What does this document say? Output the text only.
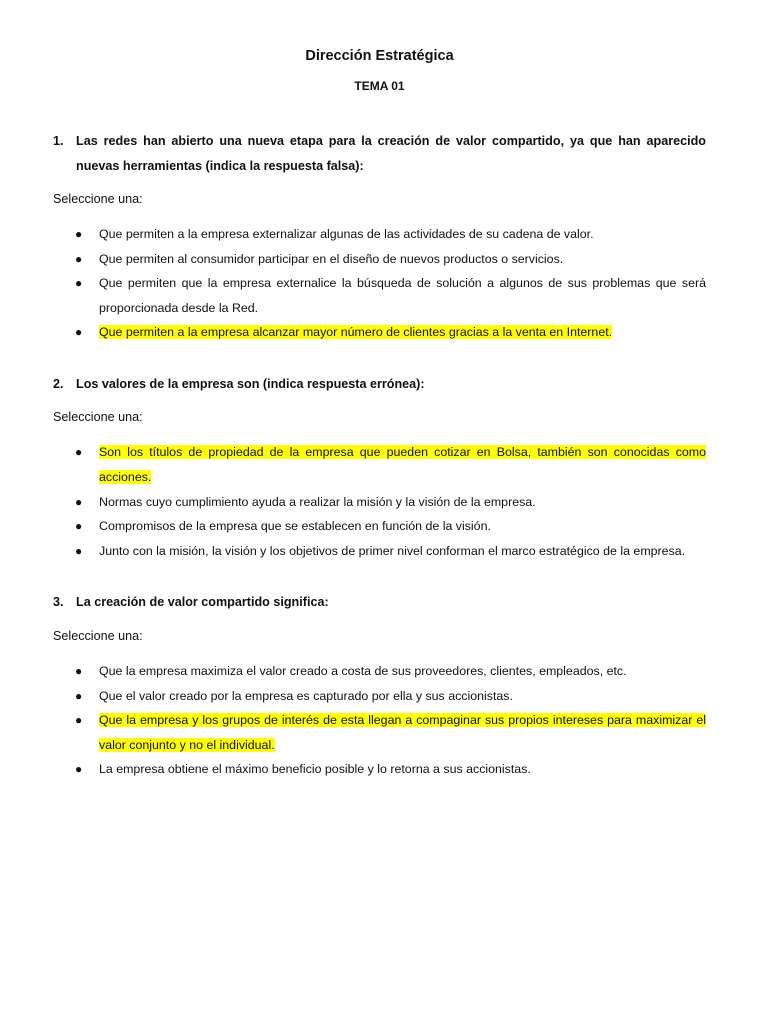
Dirección Estratégica
TEMA 01
1. Las redes han abierto una nueva etapa para la creación de valor compartido, ya que han aparecido nuevas herramientas (indica la respuesta falsa):
Seleccione una:
●	Que permiten a la empresa externalizar algunas de las actividades de su cadena de valor.
●	Que permiten al consumidor participar en el diseño de nuevos productos o servicios.
●	Que permiten que la empresa externalice la búsqueda de solución a algunos de sus problemas que será proporcionada desde la Red.
●	Que permiten a la empresa alcanzar mayor número de clientes gracias a la venta en Internet.
2. Los valores de la empresa son (indica respuesta errónea):
Seleccione una:
●	Son los títulos de propiedad de la empresa que pueden cotizar en Bolsa, también son conocidas como acciones.
●	Normas cuyo cumplimiento ayuda a realizar la misión y la visión de la empresa.
●	Compromisos de la empresa que se establecen en función de la visión.
●	Junto con la misión, la visión y los objetivos de primer nivel conforman el marco estratégico de la empresa.
3. La creación de valor compartido significa:
Seleccione una:
●	Que la empresa maximiza el valor creado a costa de sus proveedores, clientes, empleados, etc.
●	Que el valor creado por la empresa es capturado por ella y sus accionistas.
●	Que la empresa y los grupos de interés de esta llegan a compaginar sus propios intereses para maximizar el valor conjunto y no el individual.
●	La empresa obtiene el máximo beneficio posible y lo retorna a sus accionistas.
